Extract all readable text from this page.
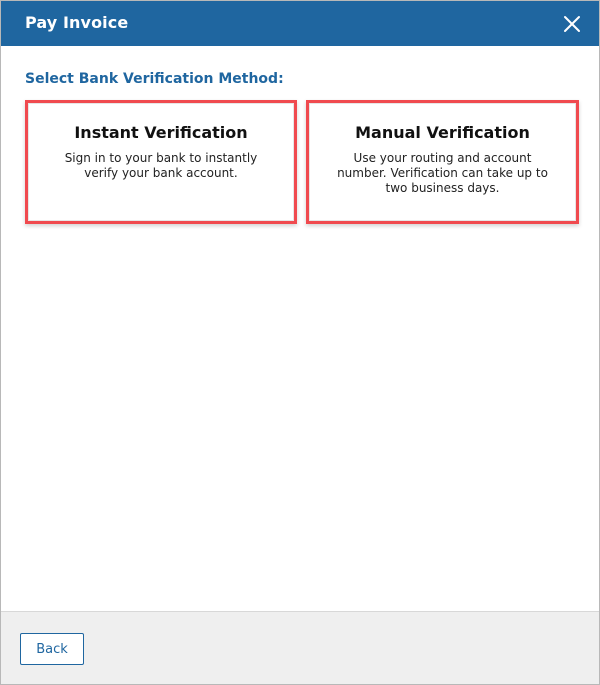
Pay Invoice
Select Bank Verification Method:
Instant Verification
Sign in to your bank to instantly verify your bank account.
Manual Verification
Use your routing and account number. Verification can take up to two business days.
Back
